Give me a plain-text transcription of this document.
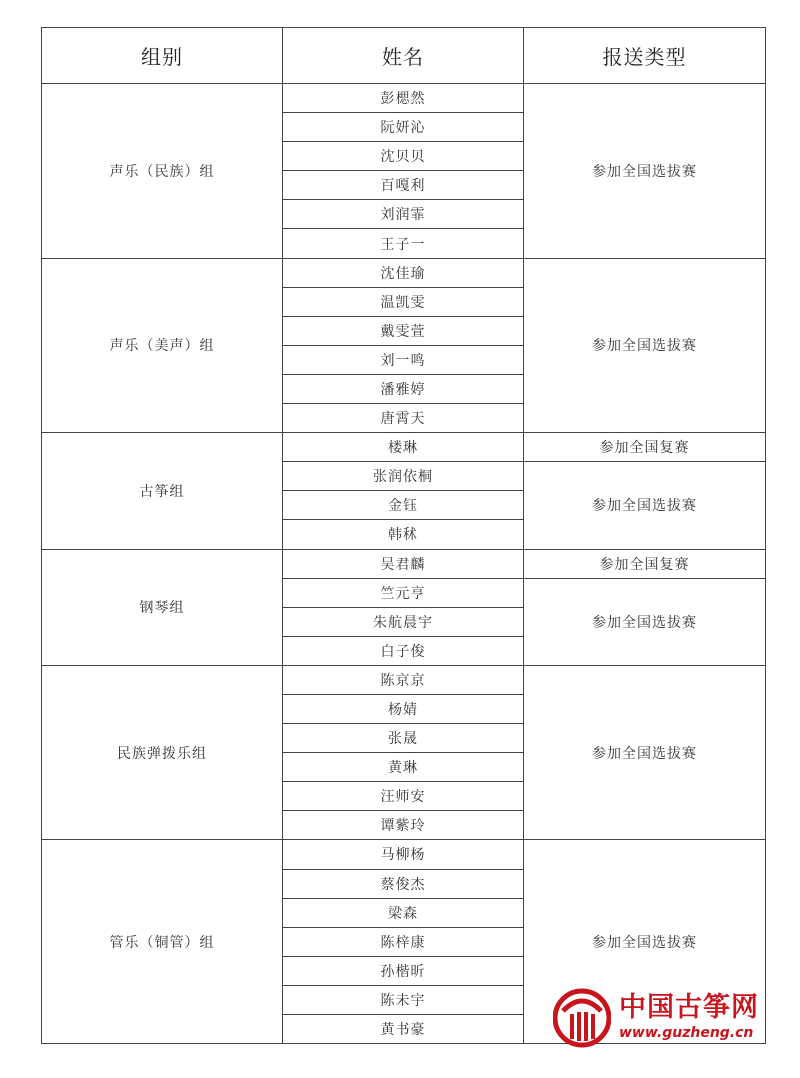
组别	姓名	报送类型
声乐（民族）组	彭楒然	参加全国选拔赛
	阮妍沁	
	沈贝贝	
	百嘎利	
	刘润霏	
	王子一	
声乐（美声）组	沈佳瑜	参加全国选拔赛
	温凯雯	
	戴雯萱	
	刘一鸣	
	潘雅婷	
	唐霄天	
古筝组	楼琳	参加全国复赛
	张润依桐	参加全国选拔赛
	金钰	
	韩秫	
钢琴组	吴君麟	参加全国复赛
	竺元亨	参加全国选拔赛
	朱航晨宇	
	白子俊	
民族弹拨乐组	陈京京	参加全国选拔赛
	杨婧	
	张晟	
	黄琳	
	汪师安	
	谭紫玲	
管乐（铜管）组	马柳杨	参加全国选拔赛
	蔡俊杰	
	梁森	
	陈梓康	
	孙楷昕	
	陈未宇	
	黄书豪	
中国古筝网
www.guzheng.cn
